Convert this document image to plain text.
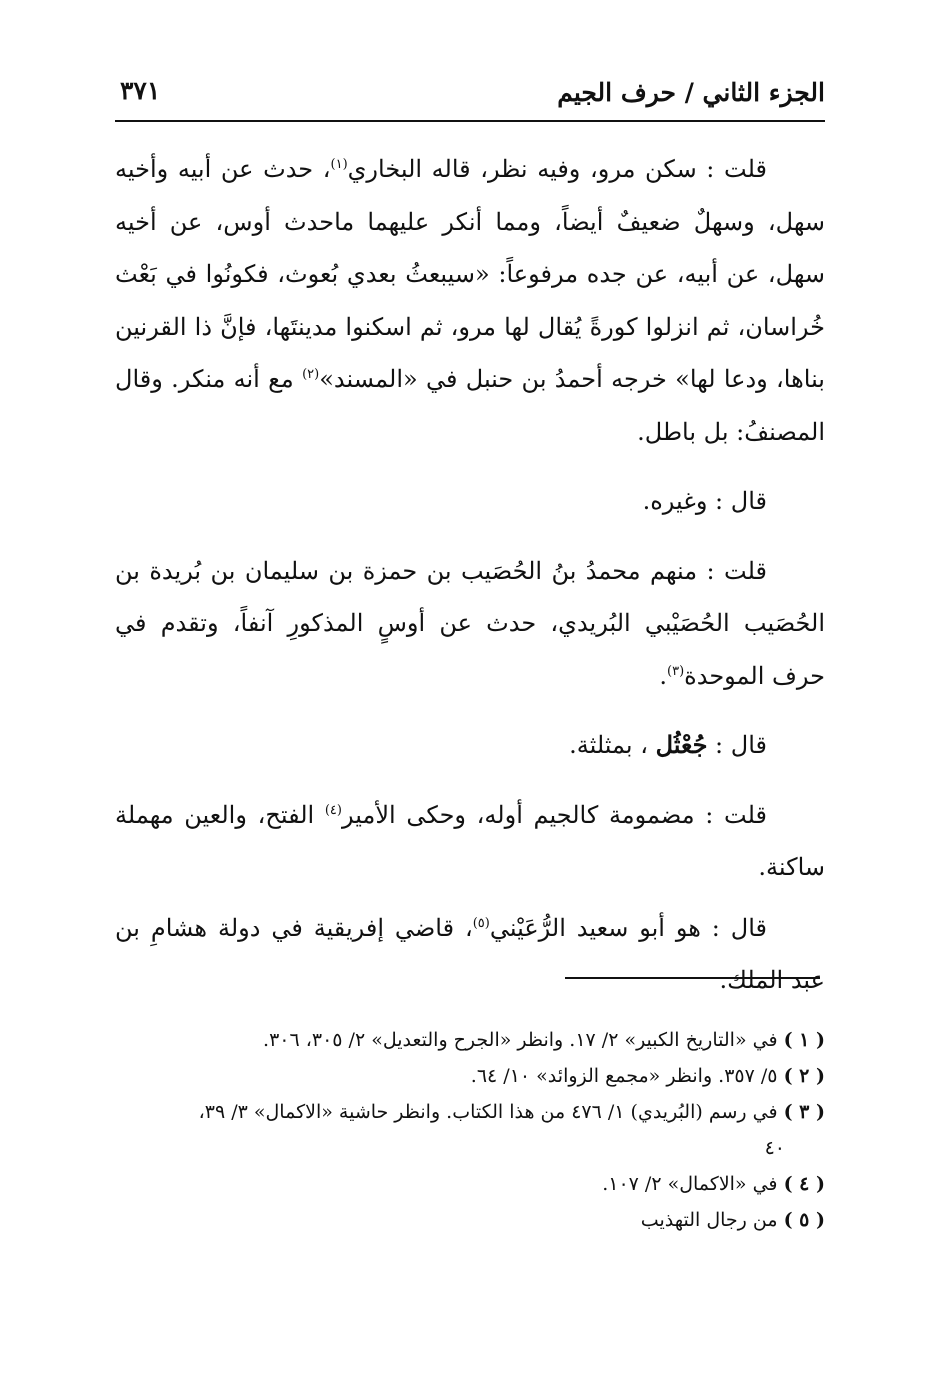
الجزء الثاني / حرف الجيم
٣٧١

قلت : سكن مرو، وفيه نظر، قاله البخاري$^{(١)}$، حدث عن أبيه وأخيه سهل، وسهلٌ ضعيفٌ أيضاً، ومما أنكر عليهما ماحدث أوس، عن أخيه سهل، عن أبيه، عن جده مرفوعاً: «سيبعثُ بعدي بُعوث، فكونُوا في بَعْث خُراسان، ثم انزلوا كورةً يُقال لها مرو، ثم اسكنوا مدينتَها، فإنَّ ذا القرنين بناها، ودعا لها» خرجه أحمدُ بن حنبل في «المسند»$^{(٢)}$ مع أنه منكر. وقال المصنفُ: بل باطل.

قال : وغيره.

قلت : منهم محمدُ بنُ الحُصَيب بن حمزة بن سليمان بن بُريدة بن الحُصَيب الحُصَيْبي البُريدي، حدث عن أوسٍ المذكورِ آنفاً، وتقدم في حرف الموحدة$^{(٣)}$.

قال : جُعْثُل ، بمثلثة.

قلت : مضمومة كالجيم أوله، وحكى الأمير$^{(٤)}$ الفتح، والعين مهملة ساكنة.

قال : هو أبو سعيد الرُّعَيْني$^{(٥)}$، قاضي إفريقية في دولة هشامِ بن عبد الملك.

( ١ ) في «التاريخ الكبير» ٢/ ١٧. وانظر «الجرح والتعديل» ٢/ ٣٠٥، ٣٠٦.

( ٢ ) ٥/ ٣٥٧. وانظر «مجمع الزوائد» ١٠/ ٦٤.

( ٣ ) في رسم (البُريدي) ١/ ٤٧٦ من هذا الكتاب. وانظر حاشية «الاكمال» ٣/ ٣٩،

٤٠

( ٤ ) في «الاكمال» ٢/ ١٠٧.

( ٥ ) من رجال التهذيب
